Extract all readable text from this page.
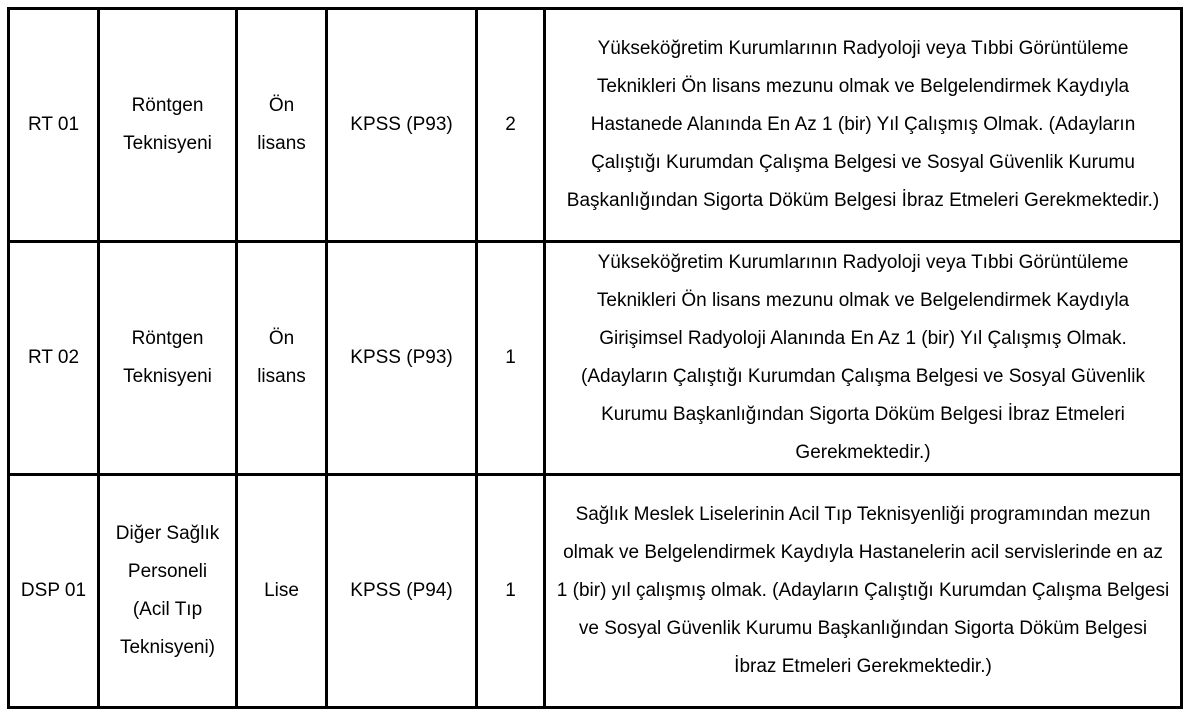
RT 01	Röntgen Teknisyeni	Ön lisans	KPSS (P93)	2	Yükseköğretim Kurumlarının Radyoloji veya Tıbbi Görüntüleme Teknikleri Ön lisans mezunu olmak ve Belgelendirmek Kaydıyla Hastanede Alanında En Az 1 (bir) Yıl Çalışmış Olmak. (Adayların Çalıştığı Kurumdan Çalışma Belgesi ve Sosyal Güvenlik Kurumu Başkanlığından Sigorta Döküm Belgesi İbraz Etmeleri Gerekmektedir.)
RT 02	Röntgen Teknisyeni	Ön lisans	KPSS (P93)	1	Yükseköğretim Kurumlarının Radyoloji veya Tıbbi Görüntüleme Teknikleri Ön lisans mezunu olmak ve Belgelendirmek Kaydıyla Girişimsel Radyoloji Alanında En Az 1 (bir) Yıl Çalışmış Olmak. (Adayların Çalıştığı Kurumdan Çalışma Belgesi ve Sosyal Güvenlik Kurumu Başkanlığından Sigorta Döküm Belgesi İbraz Etmeleri Gerekmektedir.)
DSP 01	Diğer Sağlık Personeli (Acil Tıp Teknisyeni)	Lise	KPSS (P94)	1	Sağlık Meslek Liselerinin Acil Tıp Teknisyenliği programından mezun olmak ve Belgelendirmek Kaydıyla Hastanelerin acil servislerinde en az 1 (bir) yıl çalışmış olmak. (Adayların Çalıştığı Kurumdan Çalışma Belgesi ve Sosyal Güvenlik Kurumu Başkanlığından Sigorta Döküm Belgesi İbraz Etmeleri Gerekmektedir.)
